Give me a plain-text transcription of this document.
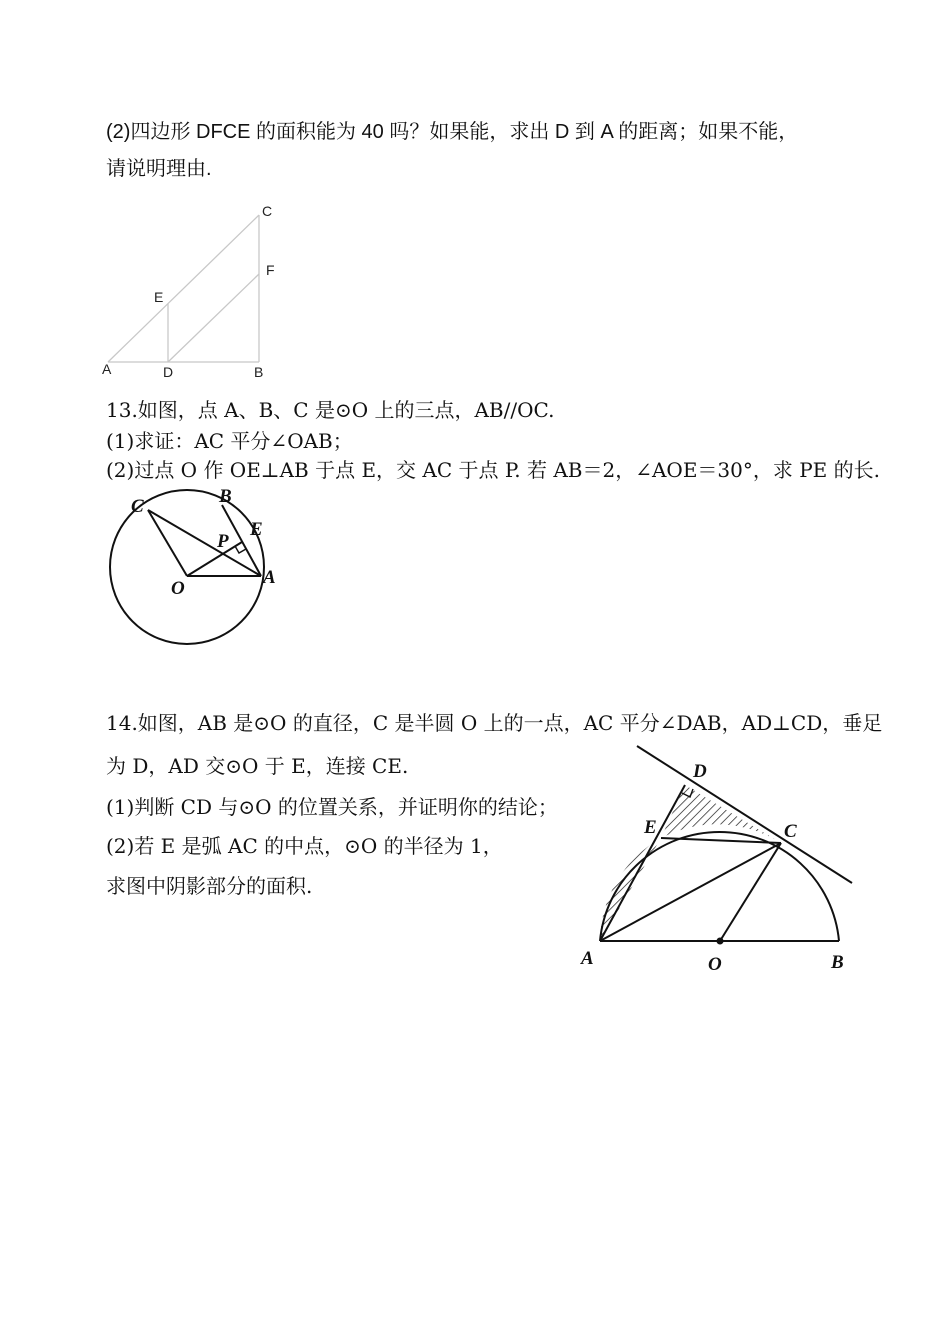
(2)四边形 DFCE 的面积能为 40 吗？如果能，求出 D 到 A 的距离；如果不能，
请说明理由.
C
F
E
A	D	B
13.如图，点 A、B、C 是⊙O 上的三点，AB//OC.
(1)求证：AC 平分∠OAB；
(2)过点 O 作 OE⊥AB 于点 E，交 AC 于点 P. 若 AB＝2，∠AOE＝30°，求 PE 的长.
C	B
E
P
O
A
14.如图，AB 是⊙O 的直径，C 是半圆 O 上的一点，AC 平分∠DAB，AD⊥CD，垂足
为 D，AD 交⊙O 于 E，连接 CE.
(1)判断 CD 与⊙O 的位置关系，并证明你的结论；
(2)若 E 是弧 AC 的中点，⊙O 的半径为 1，
求图中阴影部分的面积.
D
E	C
A	O	B
